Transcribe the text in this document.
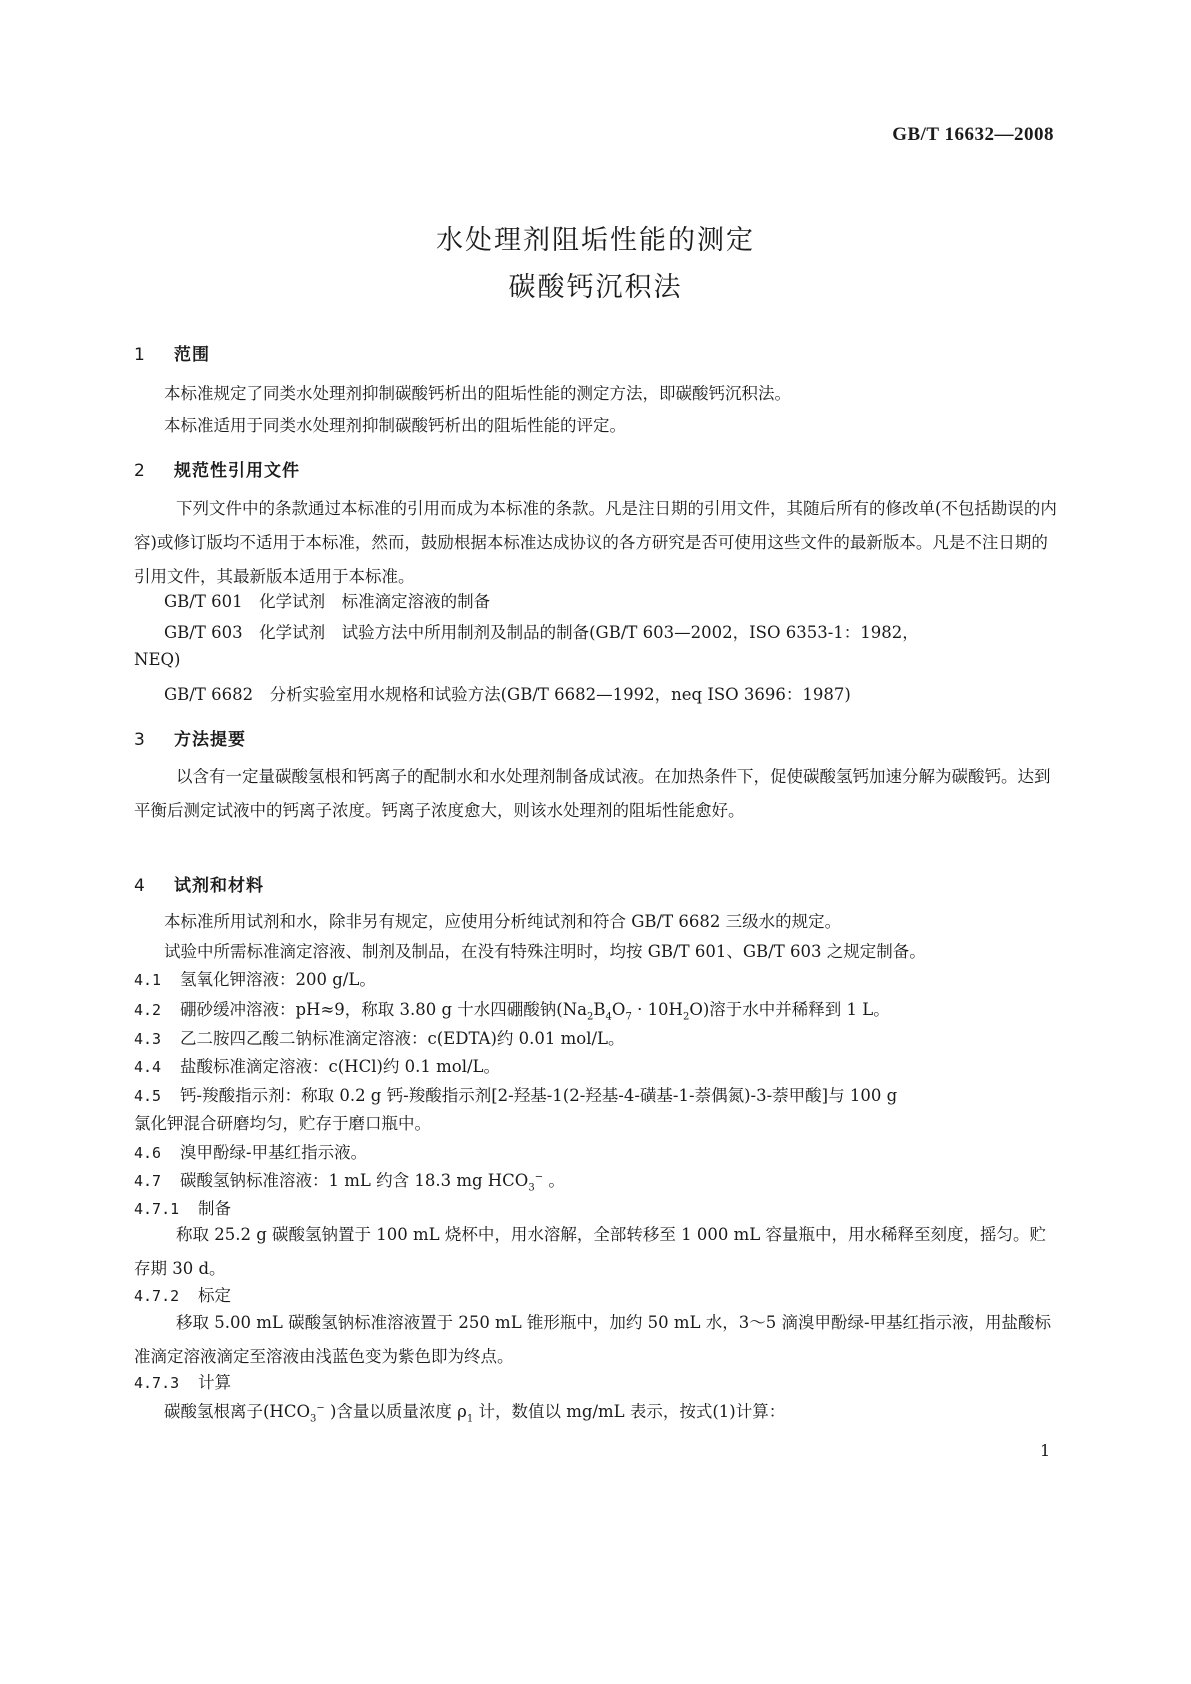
GB/T 16632—2008
水处理剂阻垢性能的测定
碳酸钙沉积法
1 范围
本标准规定了同类水处理剂抑制碳酸钙析出的阻垢性能的测定方法，即碳酸钙沉积法。
本标准适用于同类水处理剂抑制碳酸钙析出的阻垢性能的评定。
2 规范性引用文件

下列文件中的条款通过本标准的引用而成为本标准的条款。凡是注日期的引用文件，其随后所有的修改单(不包括勘误的内容)或修订版均不适用于本标准，然而，鼓励根据本标准达成协议的各方研究是否可使用这些文件的最新版本。凡是不注日期的引用文件，其最新版本适用于本标准。

GB/T 601　化学试剂　标准滴定溶液的制备
GB/T 603　化学试剂　试验方法中所用制剂及制品的制备(GB/T 603—2002，ISO 6353-1：1982，
NEQ)
GB/T 6682　分析实验室用水规格和试验方法(GB/T 6682—1992，neq ISO 3696：1987)
3 方法提要

以含有一定量碳酸氢根和钙离子的配制水和水处理剂制备成试液。在加热条件下，促使碳酸氢钙加速分解为碳酸钙。达到平衡后测定试液中的钙离子浓度。钙离子浓度愈大，则该水处理剂的阻垢性能愈好。

4 试剂和材料
本标准所用试剂和水，除非另有规定，应使用分析纯试剂和符合 GB/T 6682 三级水的规定。
试验中所需标准滴定溶液、制剂及制品，在没有特殊注明时，均按 GB/T 601、GB/T 603 之规定制备。
4.1 氢氧化钾溶液：200 g/L。
4.2 硼砂缓冲溶液：pH≈9，称取 3.80 g 十水四硼酸钠$(Na_2B_4O_7 \cdot 10H_2O)$溶于水中并稀释到 1 L。
4.3 乙二胺四乙酸二钠标准滴定溶液：c(EDTA)约 0.01 mol/L。
4.4 盐酸标准滴定溶液：c(HCl)约 0.1 mol/L。
4.5 钙-羧酸指示剂：称取 0.2 g 钙-羧酸指示剂[2-羟基-1(2-羟基-4-磺基-1-萘偶氮)-3-萘甲酸]与 100 g
氯化钾混合研磨均匀，贮存于磨口瓶中。
4.6 溴甲酚绿-甲基红指示液。
4.7 碳酸氢钠标准溶液：1 mL 约含 18.3 mg $HCO_3^-$ 。
4.7.1 制备

称取 25.2 g 碳酸氢钠置于 100 mL 烧杯中，用水溶解，全部转移至 1 000 mL 容量瓶中，用水稀释至刻度，摇匀。贮存期 30 d。

4.7.2 标定

移取 5.00 mL 碳酸氢钠标准溶液置于 250 mL 锥形瓶中，加约 50 mL 水，3～5 滴溴甲酚绿-甲基红指示液，用盐酸标准滴定溶液滴定至溶液由浅蓝色变为紫色即为终点。

4.7.3 计算
碳酸氢根离子($HCO_3^-$ )含量以质量浓度 $\rho_1$ 计，数值以 mg/mL 表示，按式(1)计算：
1
